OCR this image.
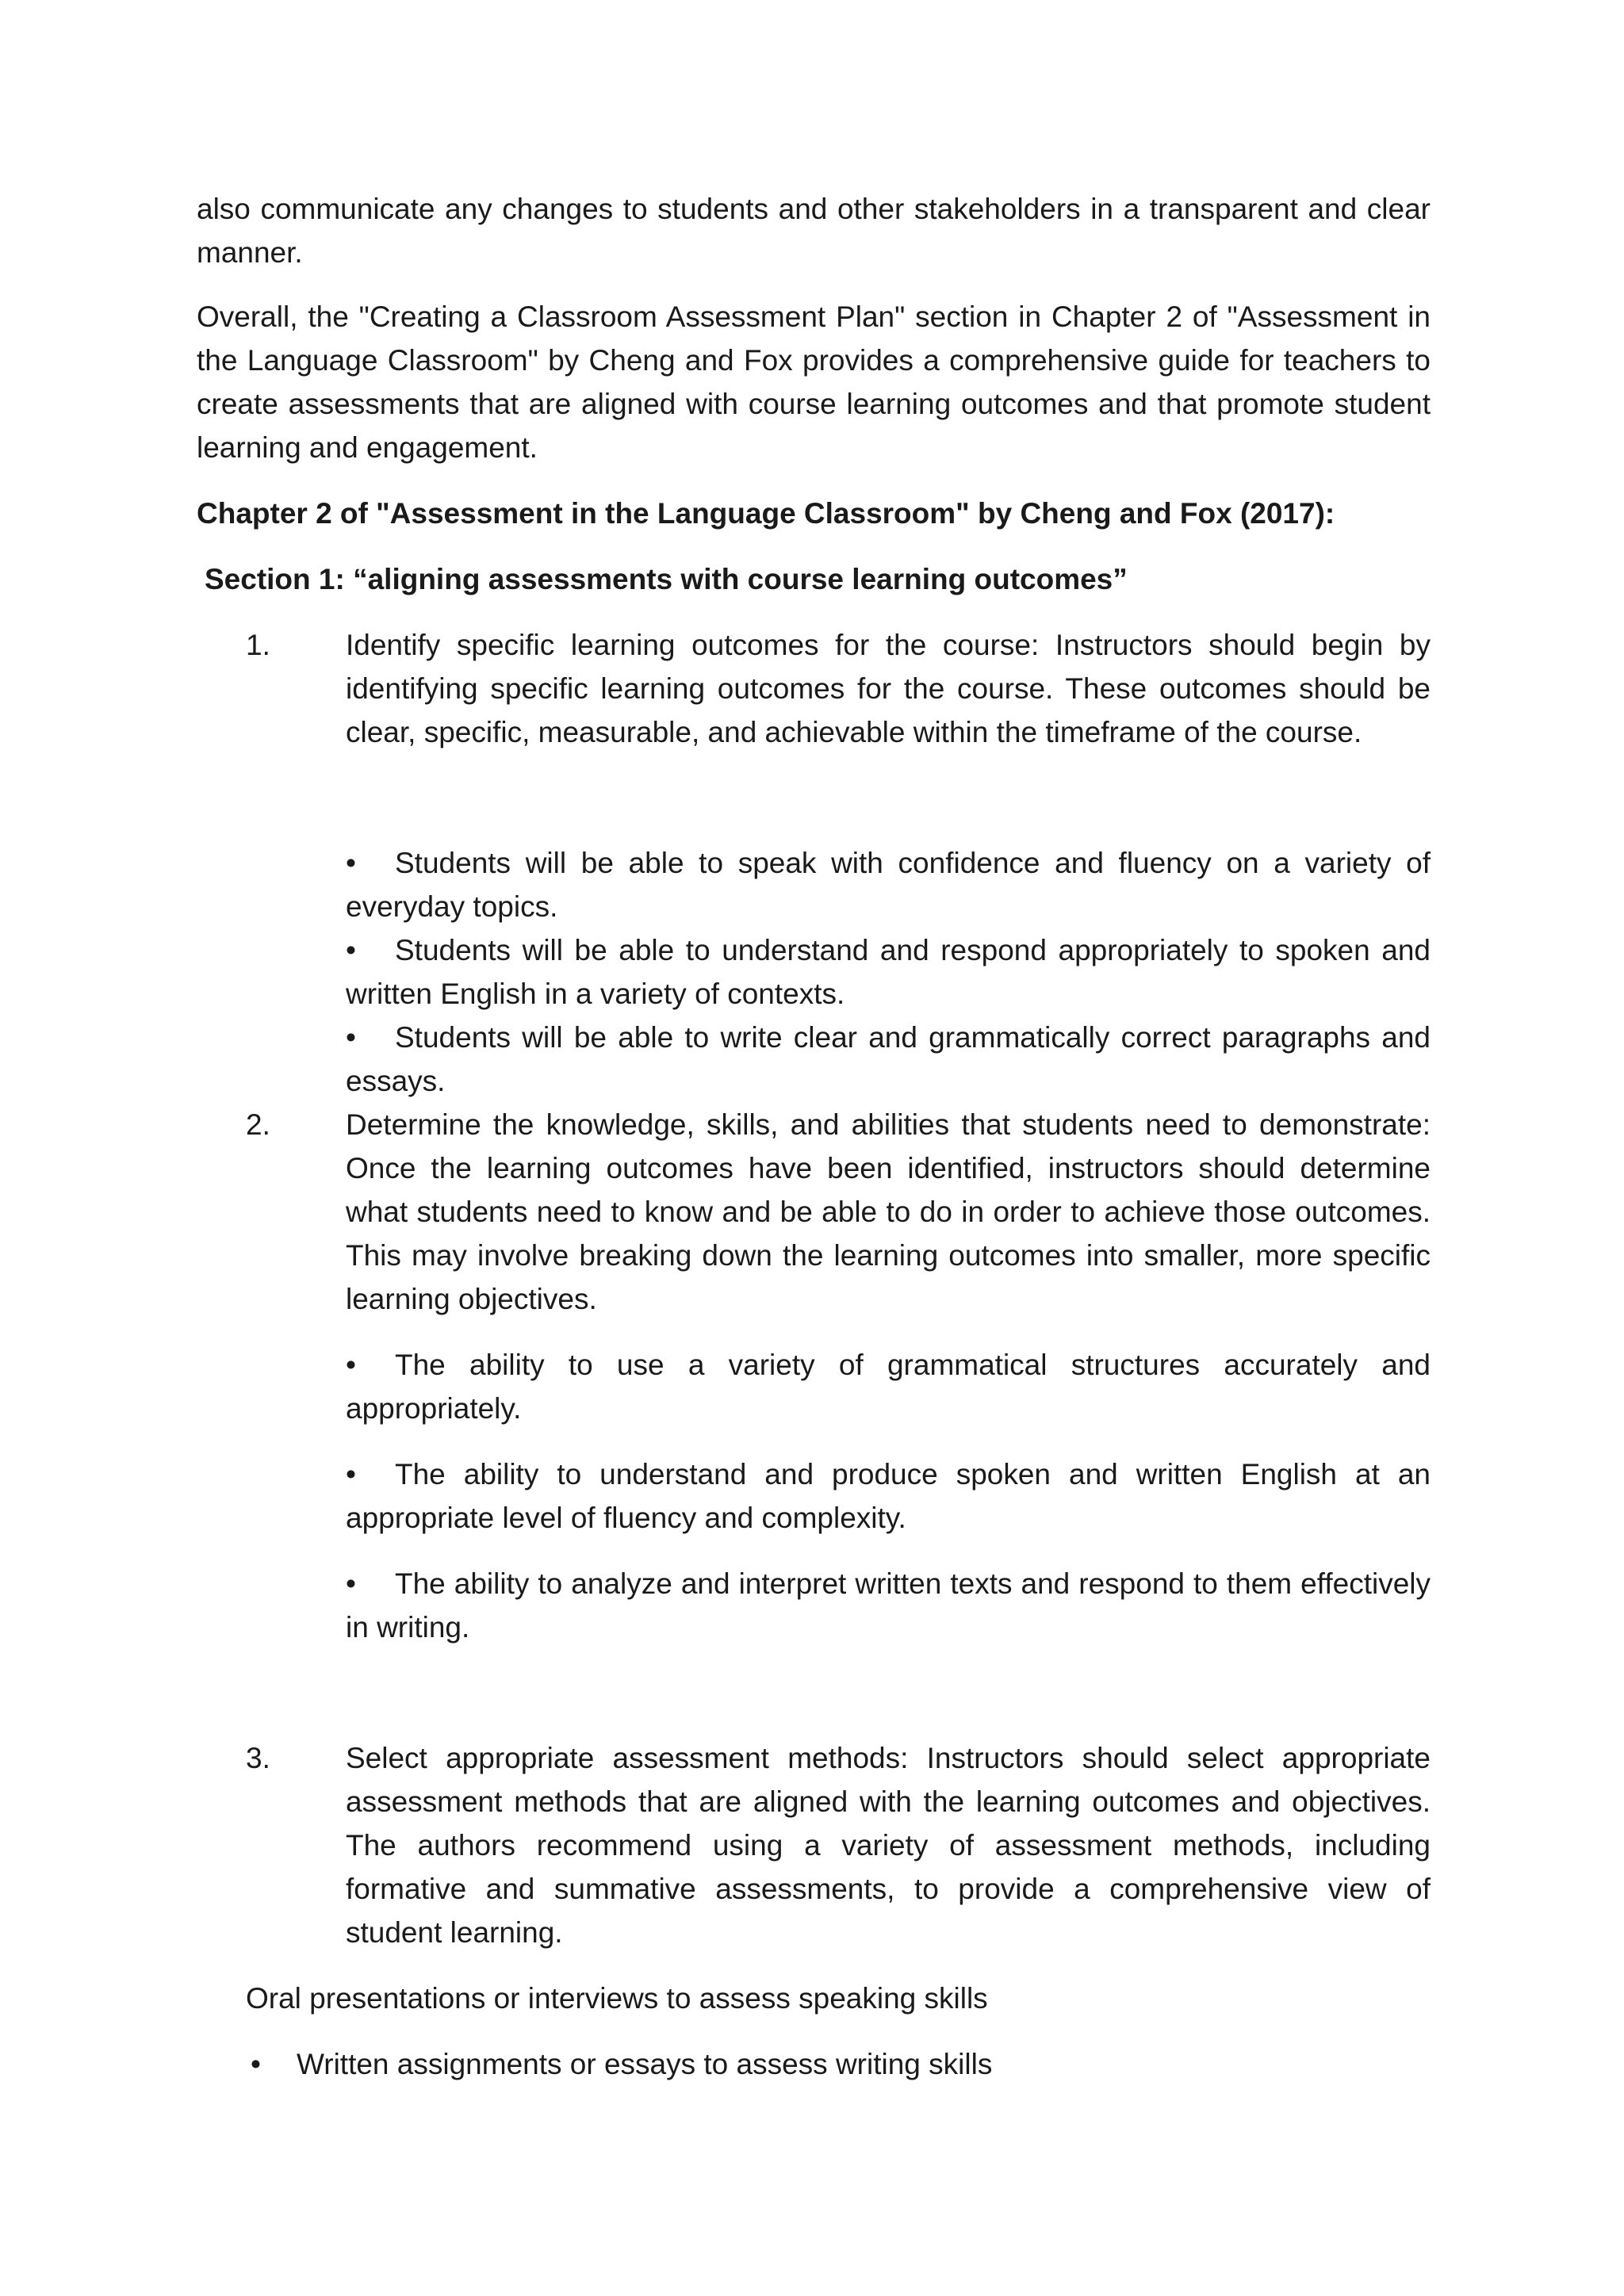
also communicate any changes to students and other stakeholders in a transparent and clear manner.

Overall, the "Creating a Classroom Assessment Plan" section in Chapter 2 of "Assessment in the Language Classroom" by Cheng and Fox provides a comprehensive guide for teachers to create assessments that are aligned with course learning outcomes and that promote student learning and engagement.

Chapter 2 of "Assessment in the Language Classroom" by Cheng and Fox (2017):

Section 1: “aligning assessments with course learning outcomes”

1.	Identify specific learning outcomes for the course: Instructors should begin by identifying specific learning outcomes for the course. These outcomes should be clear, specific, measurable, and achievable within the timeframe of the course.
• Students will be able to speak with confidence and fluency on a variety of everyday topics.
• Students will be able to understand and respond appropriately to spoken and written English in a variety of contexts.
• Students will be able to write clear and grammatically correct paragraphs and essays.
2.	Determine the knowledge, skills, and abilities that students need to demonstrate: Once the learning outcomes have been identified, instructors should determine what students need to know and be able to do in order to achieve those outcomes. This may involve breaking down the learning outcomes into smaller, more specific learning objectives.
• The ability to use a variety of grammatical structures accurately and appropriately.
• The ability to understand and produce spoken and written English at an appropriate level of fluency and complexity.
• The ability to analyze and interpret written texts and respond to them effectively in writing.
3.	Select appropriate assessment methods: Instructors should select appropriate assessment methods that are aligned with the learning outcomes and objectives. The authors recommend using a variety of assessment methods, including formative and summative assessments, to provide a comprehensive view of student learning.

Oral presentations or interviews to assess speaking skills

• Written assignments or essays to assess writing skills
